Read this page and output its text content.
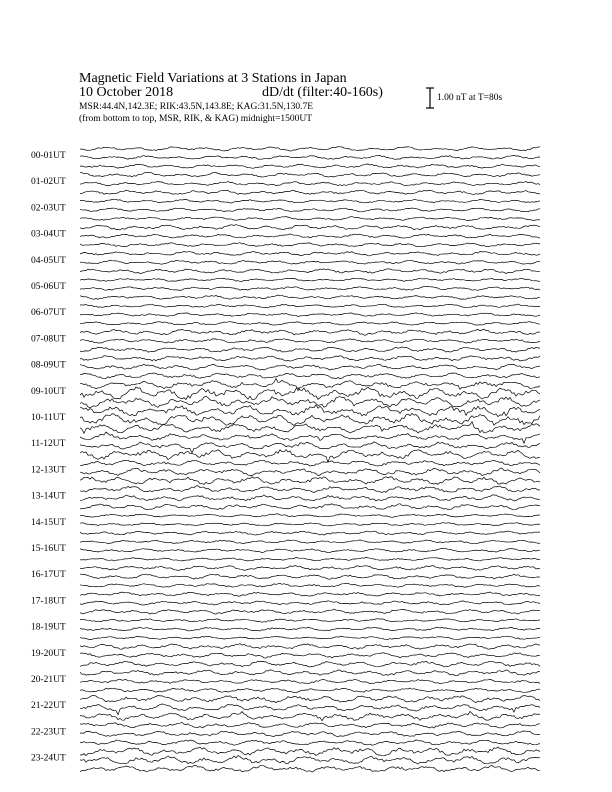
Magnetic Field Variations at 3 Stations in Japan
10 October 2018	dD/dt (filter:40-160s)
MSR:44.4N,142.3E; RIK:43.5N,143.8E; KAG:31.5N,130.7E
(from bottom to top, MSR, RIK, & KAG) midnight=1500UT
1.00 nT at T=80s
00-01UT
01-02UT
02-03UT
03-04UT
04-05UT
05-06UT
06-07UT
07-08UT
08-09UT
09-10UT
10-11UT
11-12UT
12-13UT
13-14UT
14-15UT
15-16UT
16-17UT
17-18UT
18-19UT
19-20UT
20-21UT
21-22UT
22-23UT
23-24UT
